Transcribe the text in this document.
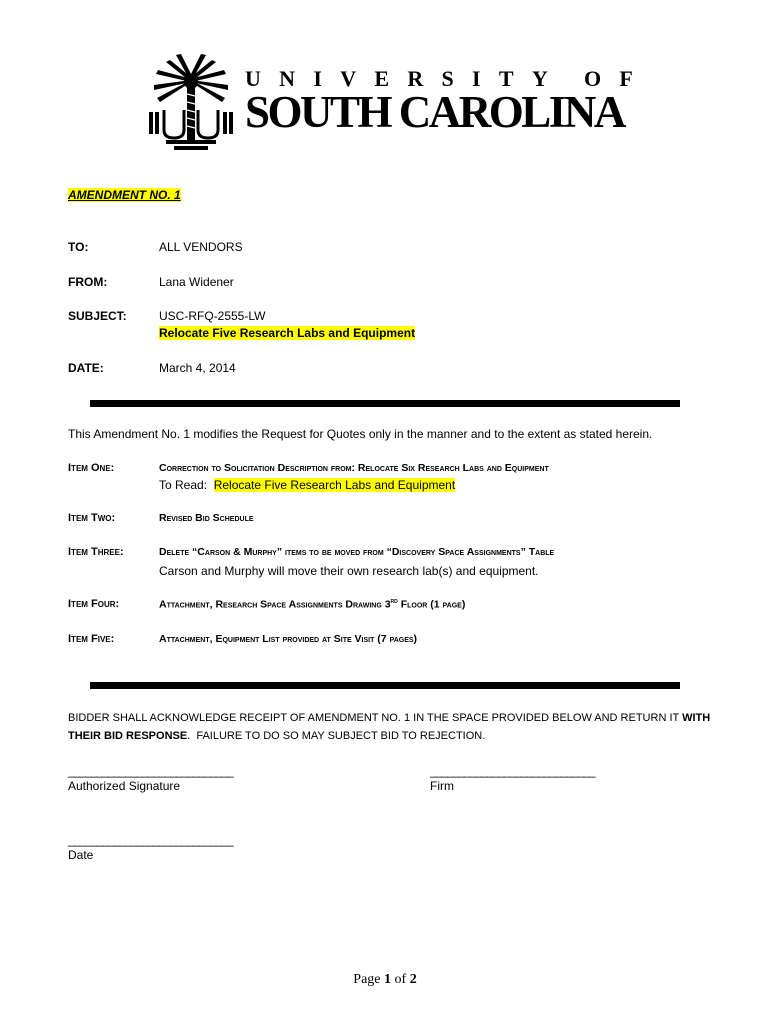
U N I V E R S I T Y O F
SOUTH CAROLINA
AMENDMENT NO. 1
TO:	ALL VENDORS
FROM:	Lana Widener
SUBJECT:	USC-RFQ-2555-LW
Relocate Five Research Labs and Equipment
DATE:	March 4, 2014
This Amendment No. 1 modifies the Request for Quotes only in the manner and to the extent as stated herein.
Item One:	Correction to Solicitation Description from: Relocate Six Research Labs and Equipment
To Read:  Relocate Five Research Labs and Equipment
Item Two:	Revised Bid Schedule
Item Three:	Delete “Carson & Murphy” items to be moved from “Discovery Space Assignments” Table
Carson and Murphy will move their own research lab(s) and equipment.
Item Four:	Attachment, Research Space Assignments Drawing 3rd Floor (1 page)
Item Five:	Attachment, Equipment List provided at Site Visit (7 pages)
BIDDER SHALL ACKNOWLEDGE RECEIPT OF AMENDMENT NO. 1 IN THE SPACE PROVIDED BELOW AND RETURN IT WITH THEIR BID RESPONSE.  FAILURE TO DO SO MAY SUBJECT BID TO REJECTION.
_____________________________
Authorized Signature
_____________________________
Firm
_____________________________
Date
Page 1 of 2
